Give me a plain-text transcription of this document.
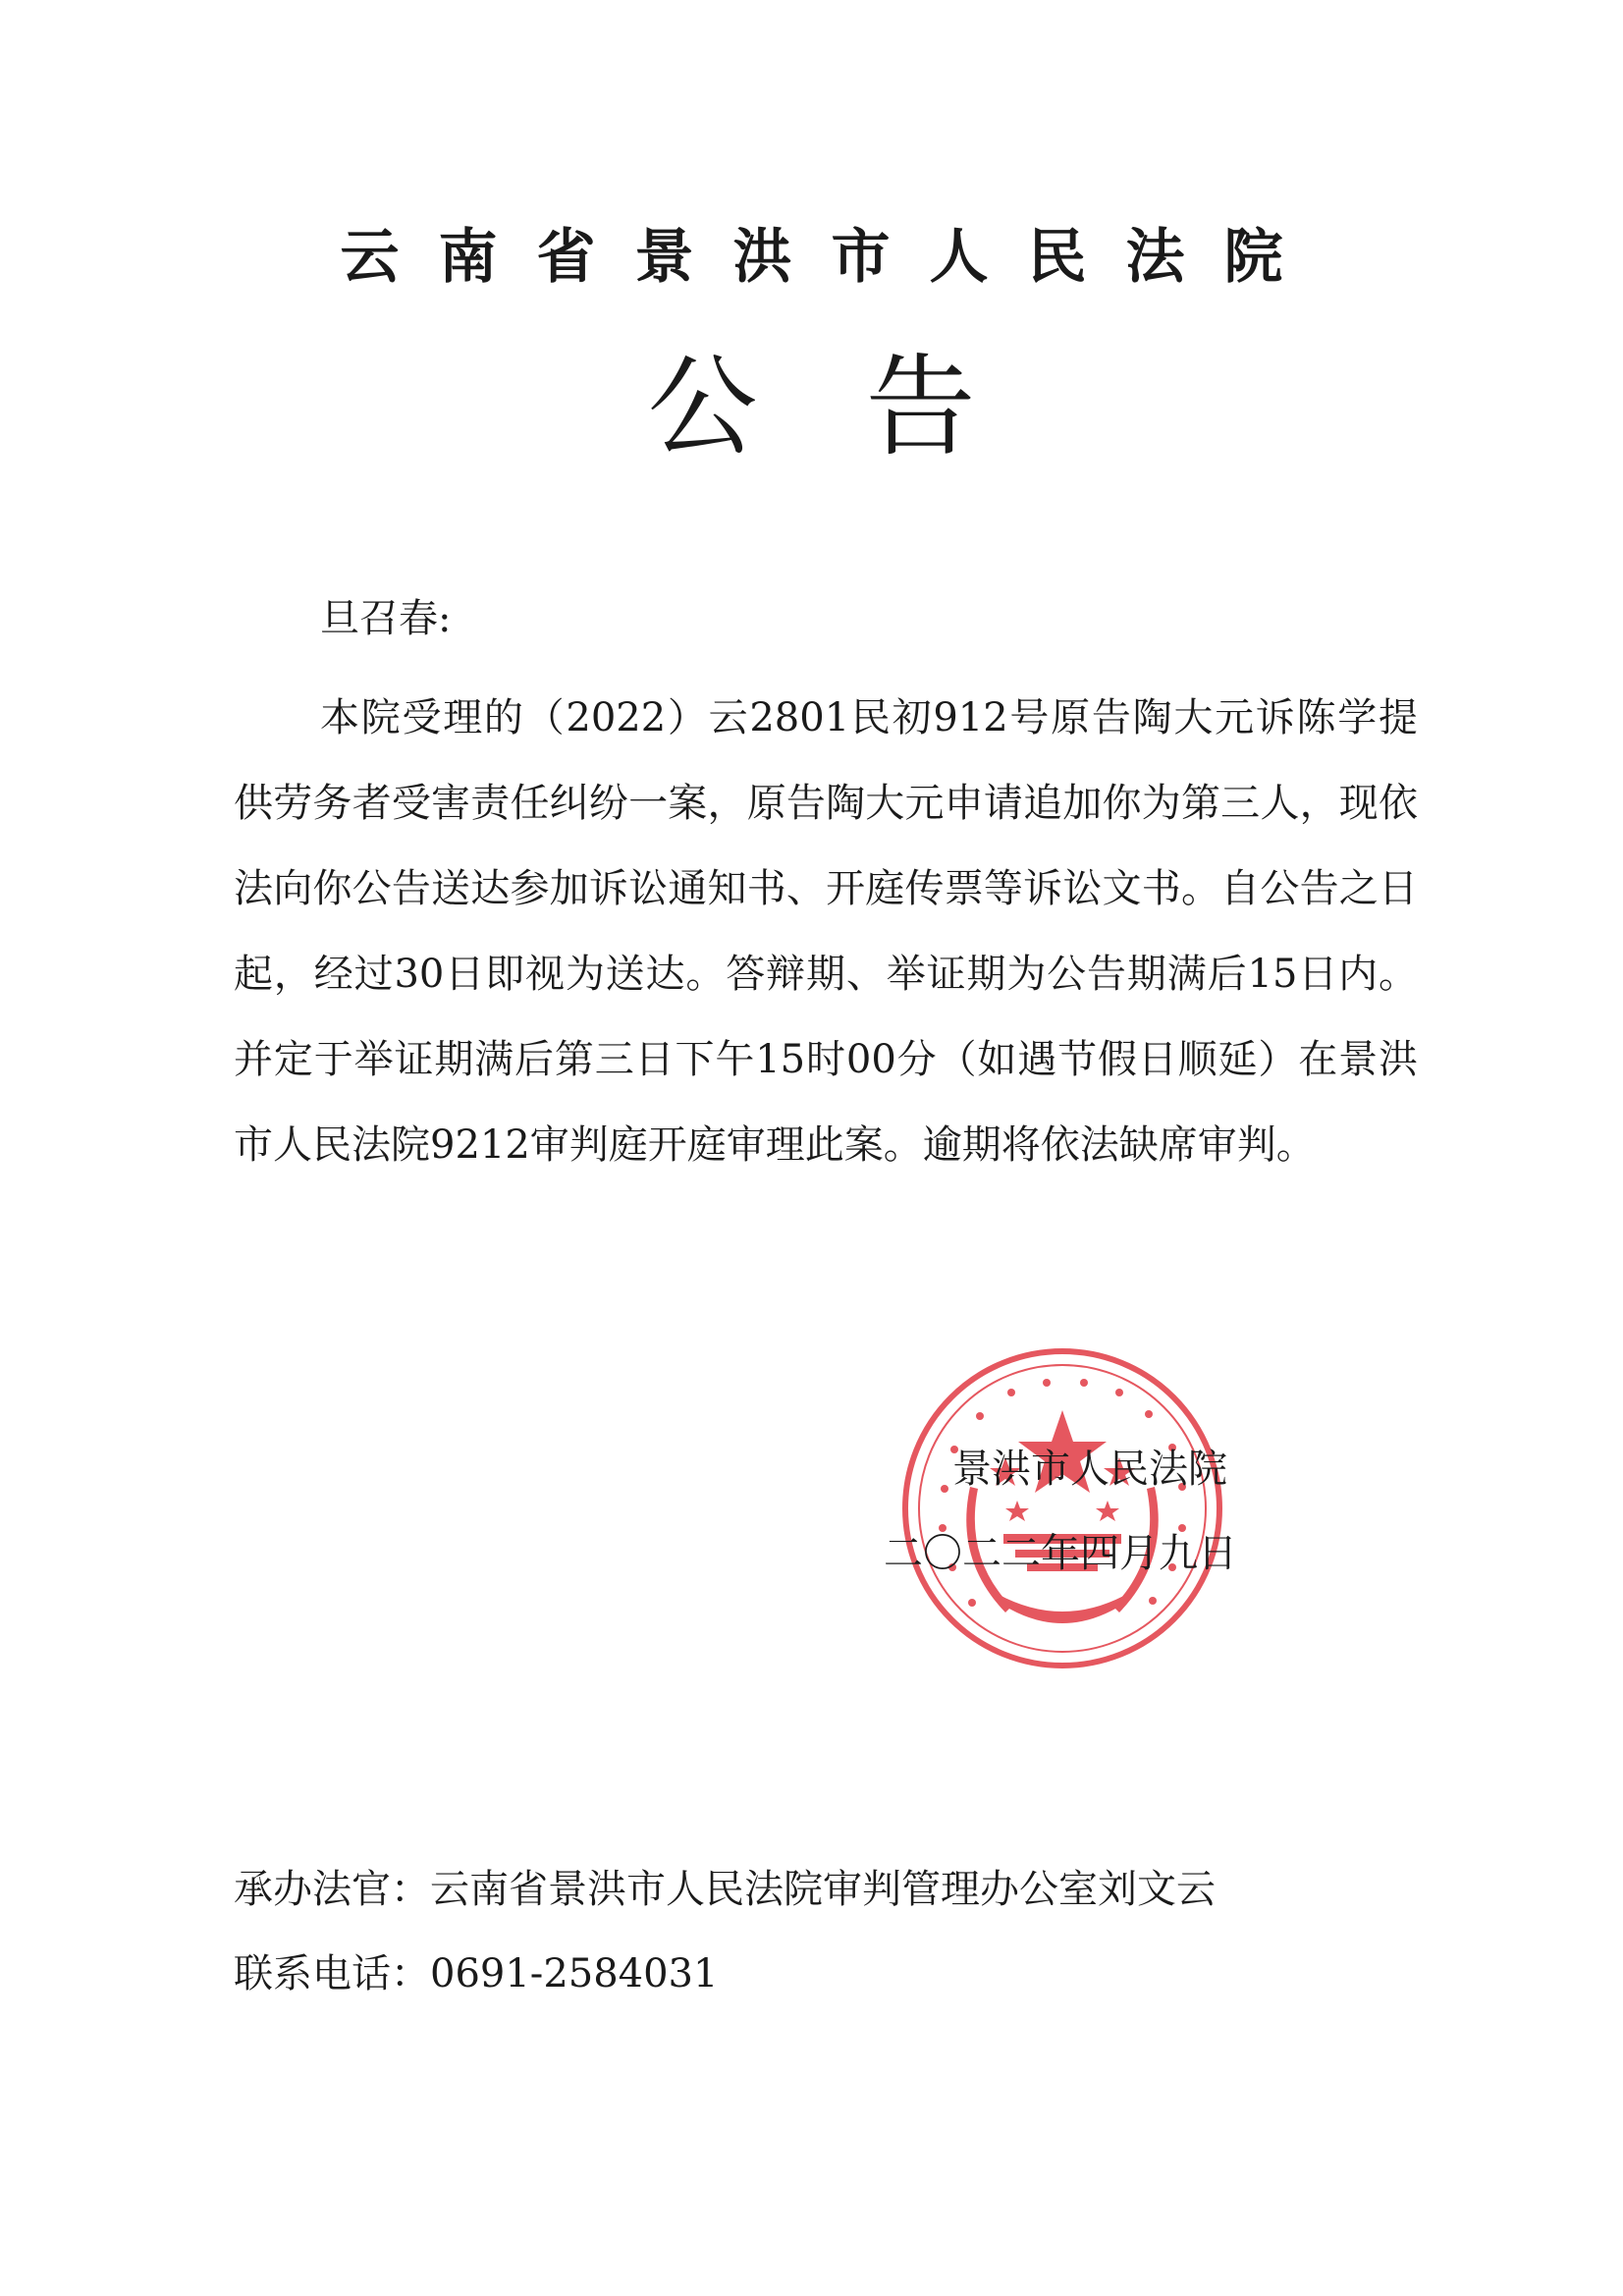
云南省景洪市人民法院
公告
旦召春:
本院受理的（2022）云2801民初912号原告陶大元诉陈学提供劳务者受害责任纠纷一案，原告陶大元申请追加你为第三人，现依法向你公告送达参加诉讼通知书、开庭传票等诉讼文书。自公告之日起，经过30日即视为送达。答辩期、举证期为公告期满后15日内。并定于举证期满后第三日下午15时00分（如遇节假日顺延）在景洪市人民法院9212审判庭开庭审理此案。逾期将依法缺席审判。
景洪市人民法院
二〇二二年四月九日
承办法官：云南省景洪市人民法院审判管理办公室刘文云
联系电话：0691-2584031
